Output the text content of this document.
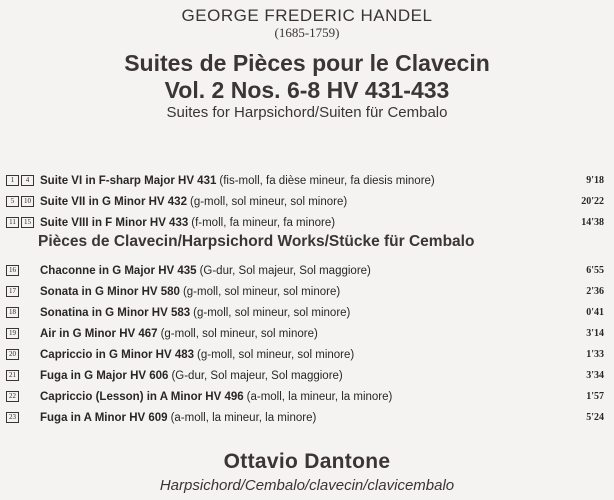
GEORGE FREDERIC HANDEL
(1685-1759)
Suites de Pièces pour le Clavecin
Vol. 2 Nos. 6-8 HV 431-433
Suites for Harpsichord/Suiten für Cembalo
1	4 Suite VI in F-sharp Major HV 431 (fis-moll, fa dièse mineur, fa diesis minore)	9'18
5	10 Suite VII in G Minor HV 432 (g-moll, sol mineur, sol minore)	20'22
11	15 Suite VIII in F Minor HV 433 (f-moll, fa mineur, fa minore)	14'38
Pièces de Clavecin/Harpsichord Works/Stücke für Cembalo
16 Chaconne in G Major HV 435 (G-dur, Sol majeur, Sol maggiore)	6'55
17 Sonata in G Minor HV 580 (g-moll, sol mineur, sol minore)	2'36
18 Sonatina in G Minor HV 583 (g-moll, sol mineur, sol minore)	0'41
19 Air in G Minor HV 467 (g-moll, sol mineur, sol minore)	3'14
20 Capriccio in G Minor HV 483 (g-moll, sol mineur, sol minore)	1'33
21 Fuga in G Major HV 606 (G-dur, Sol majeur, Sol maggiore)	3'34
22 Capriccio (Lesson) in A Minor HV 496 (a-moll, la mineur, la minore)	1'57
23 Fuga in A Minor HV 609 (a-moll, la mineur, la minore)	5'24
Ottavio Dantone
Harpsichord/Cembalo/clavecin/clavicembalo
